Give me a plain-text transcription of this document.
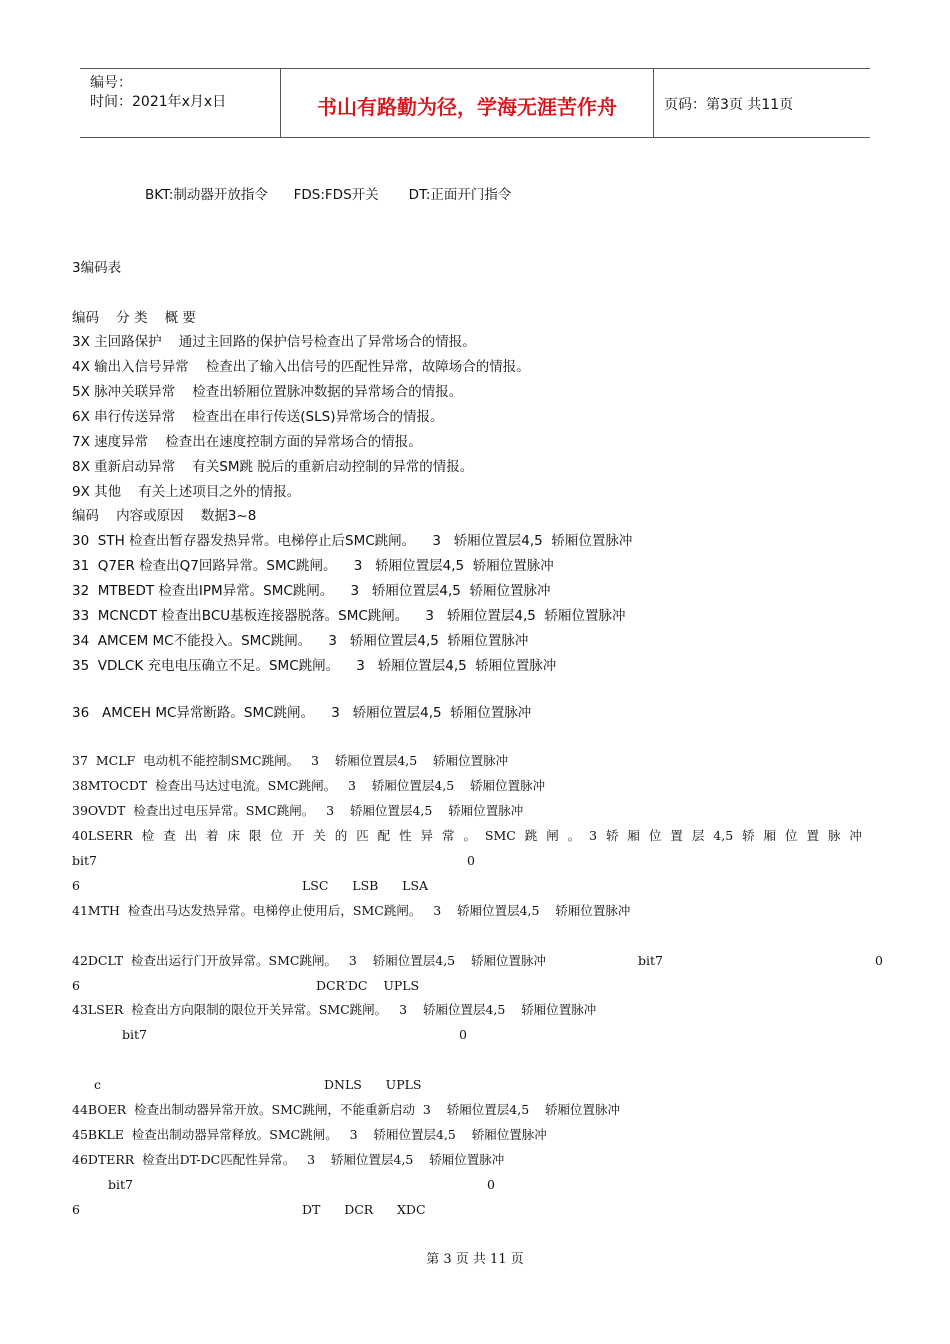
编号：
时间：2021年x月x日	书山有路勤为径，学海无涯苦作舟	页码：第3页 共11页
BKT:制动器开放指令      FDS:FDS开关       DT:正面开门指令
3编码表
编码    分 类    概 要
3X 主回路保护    通过主回路的保护信号检查出了异常场合的情报。
4X 输出入信号异常    检查出了输入出信号的匹配性异常，故障场合的情报。
5X 脉冲关联异常    检查出轿厢位置脉冲数据的异常场合的情报。
6X 串行传送异常    检查出在串行传送(SLS)异常场合的情报。
7X 速度异常    检查出在速度控制方面的异常场合的情报。
8X 重新启动异常    有关SM跳 脱后的重新启动控制的异常的情报。
9X 其他    有关上述项目之外的情报。
编码    内容或原因    数据3~8
30  STH 检查出暂存器发热异常。电梯停止后SMC跳闸。    3   轿厢位置层4,5  轿厢位置脉冲
31  Q7ER 检查出Q7回路异常。SMC跳闸。    3   轿厢位置层4,5  轿厢位置脉冲
32  MTBEDT 检查出IPM异常。SMC跳闸。    3   轿厢位置层4,5  轿厢位置脉冲
33  MCNCDT 检查出BCU基板连接器脱落。SMC跳闸。    3   轿厢位置层4,5  轿厢位置脉冲
34  AMCEM MC不能投入。SMC跳闸。    3   轿厢位置层4,5  轿厢位置脉冲
35  VDLCK 充电电压确立不足。SMC跳闸。    3   轿厢位置层4,5  轿厢位置脉冲
36   AMCEH MC异常断路。SMC跳闸。    3   轿厢位置层4,5  轿厢位置脉冲
37  MCLF  电动机不能控制SMC跳闸。   3    轿厢位置层4,5    轿厢位置脉冲
38MTOCDT  检查出马达过电流。SMC跳闸。   3    轿厢位置层4,5    轿厢位置脉冲
39OVDT  检查出过电压异常。SMC跳闸。   3    轿厢位置层4,5    轿厢位置脉冲
40LSERR 检 查 出 着 床 限 位 开 关 的 匹 配 性 异 常 。 SMC 跳 闸 。 3 轿 厢 位 置 层 4,5 轿 厢 位 置 脉 冲
bit7	0
6	LSC      LSB      LSA
41MTH  检查出马达发热异常。电梯停止使用后，SMC跳闸。   3    轿厢位置层4,5    轿厢位置脉冲
42DCLT  检查出运行门开放异常。SMC跳闸。   3    轿厢位置层4,5    轿厢位置脉冲	bit7	0
6	DCR′DC    UPLS
43LSER  检查出方向限制的限位开关异常。SMC跳闸。   3    轿厢位置层4,5    轿厢位置脉冲
bit7	0
c	DNLS      UPLS
44BOER  检查出制动器异常开放。SMC跳闸，不能重新启动  3    轿厢位置层4,5    轿厢位置脉冲
45BKLE  检查出制动器异常释放。SMC跳闸。   3    轿厢位置层4,5    轿厢位置脉冲
46DTERR  检查出DT-DC匹配性异常。   3    轿厢位置层4,5    轿厢位置脉冲
bit7	0
6	DT      DCR      XDC
第 3 页 共 11 页
